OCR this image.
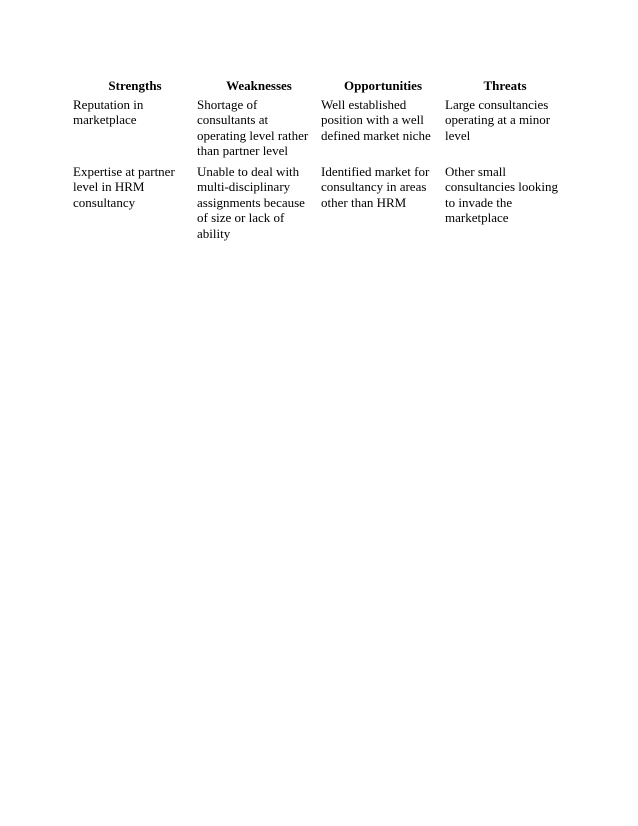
Strengths	Weaknesses	Opportunities	Threats
Reputation in marketplace	Shortage of consultants at operating level rather than partner level	Well established position with a well defined market niche	Large consultancies operating at a minor level
Expertise at partner level in HRM consultancy	Unable to deal with multi-disciplinary assignments because of size or lack of ability	Identified market for consultancy in areas other than HRM	Other small consultancies looking to invade the marketplace
